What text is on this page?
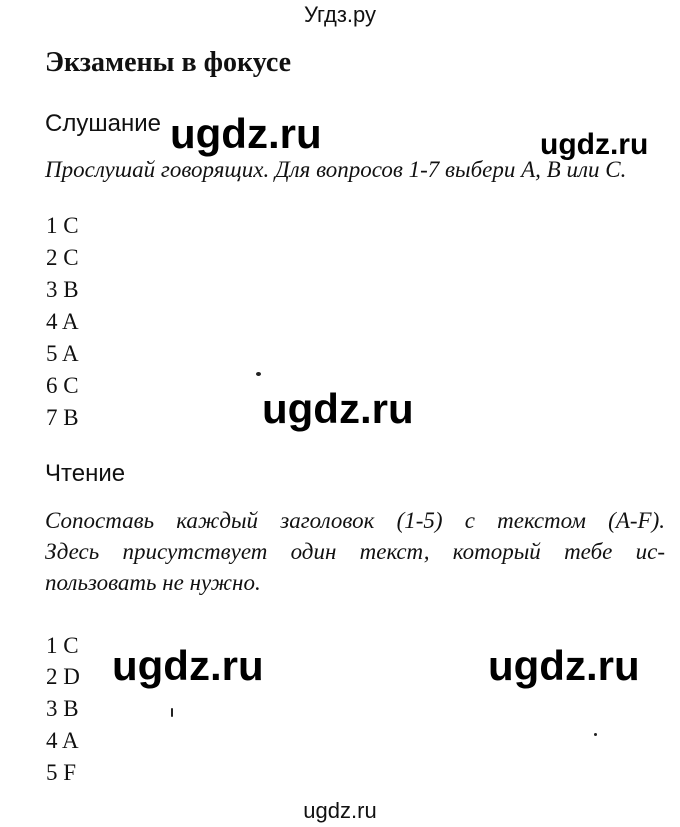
Угдз.ру
Экзамены в фокусе
Слушание ugdz.ru	ugdz.ru
Прослушай говорящих. Для вопросов 1-7 выбери A, B или C.
1 C
2 C
3 B
4 A
5 A
6 C
7 B	ugdz.ru
Чтение
Сопоставь каждый заголовок (1-5) с текстом (A-F).
Здесь присутствует один текст, который тебе ис-
пользовать не нужно.
1 C
2 D
3 B
4 A
5 F
ugdz.ru	ugdz.ru
ugdz.ru
